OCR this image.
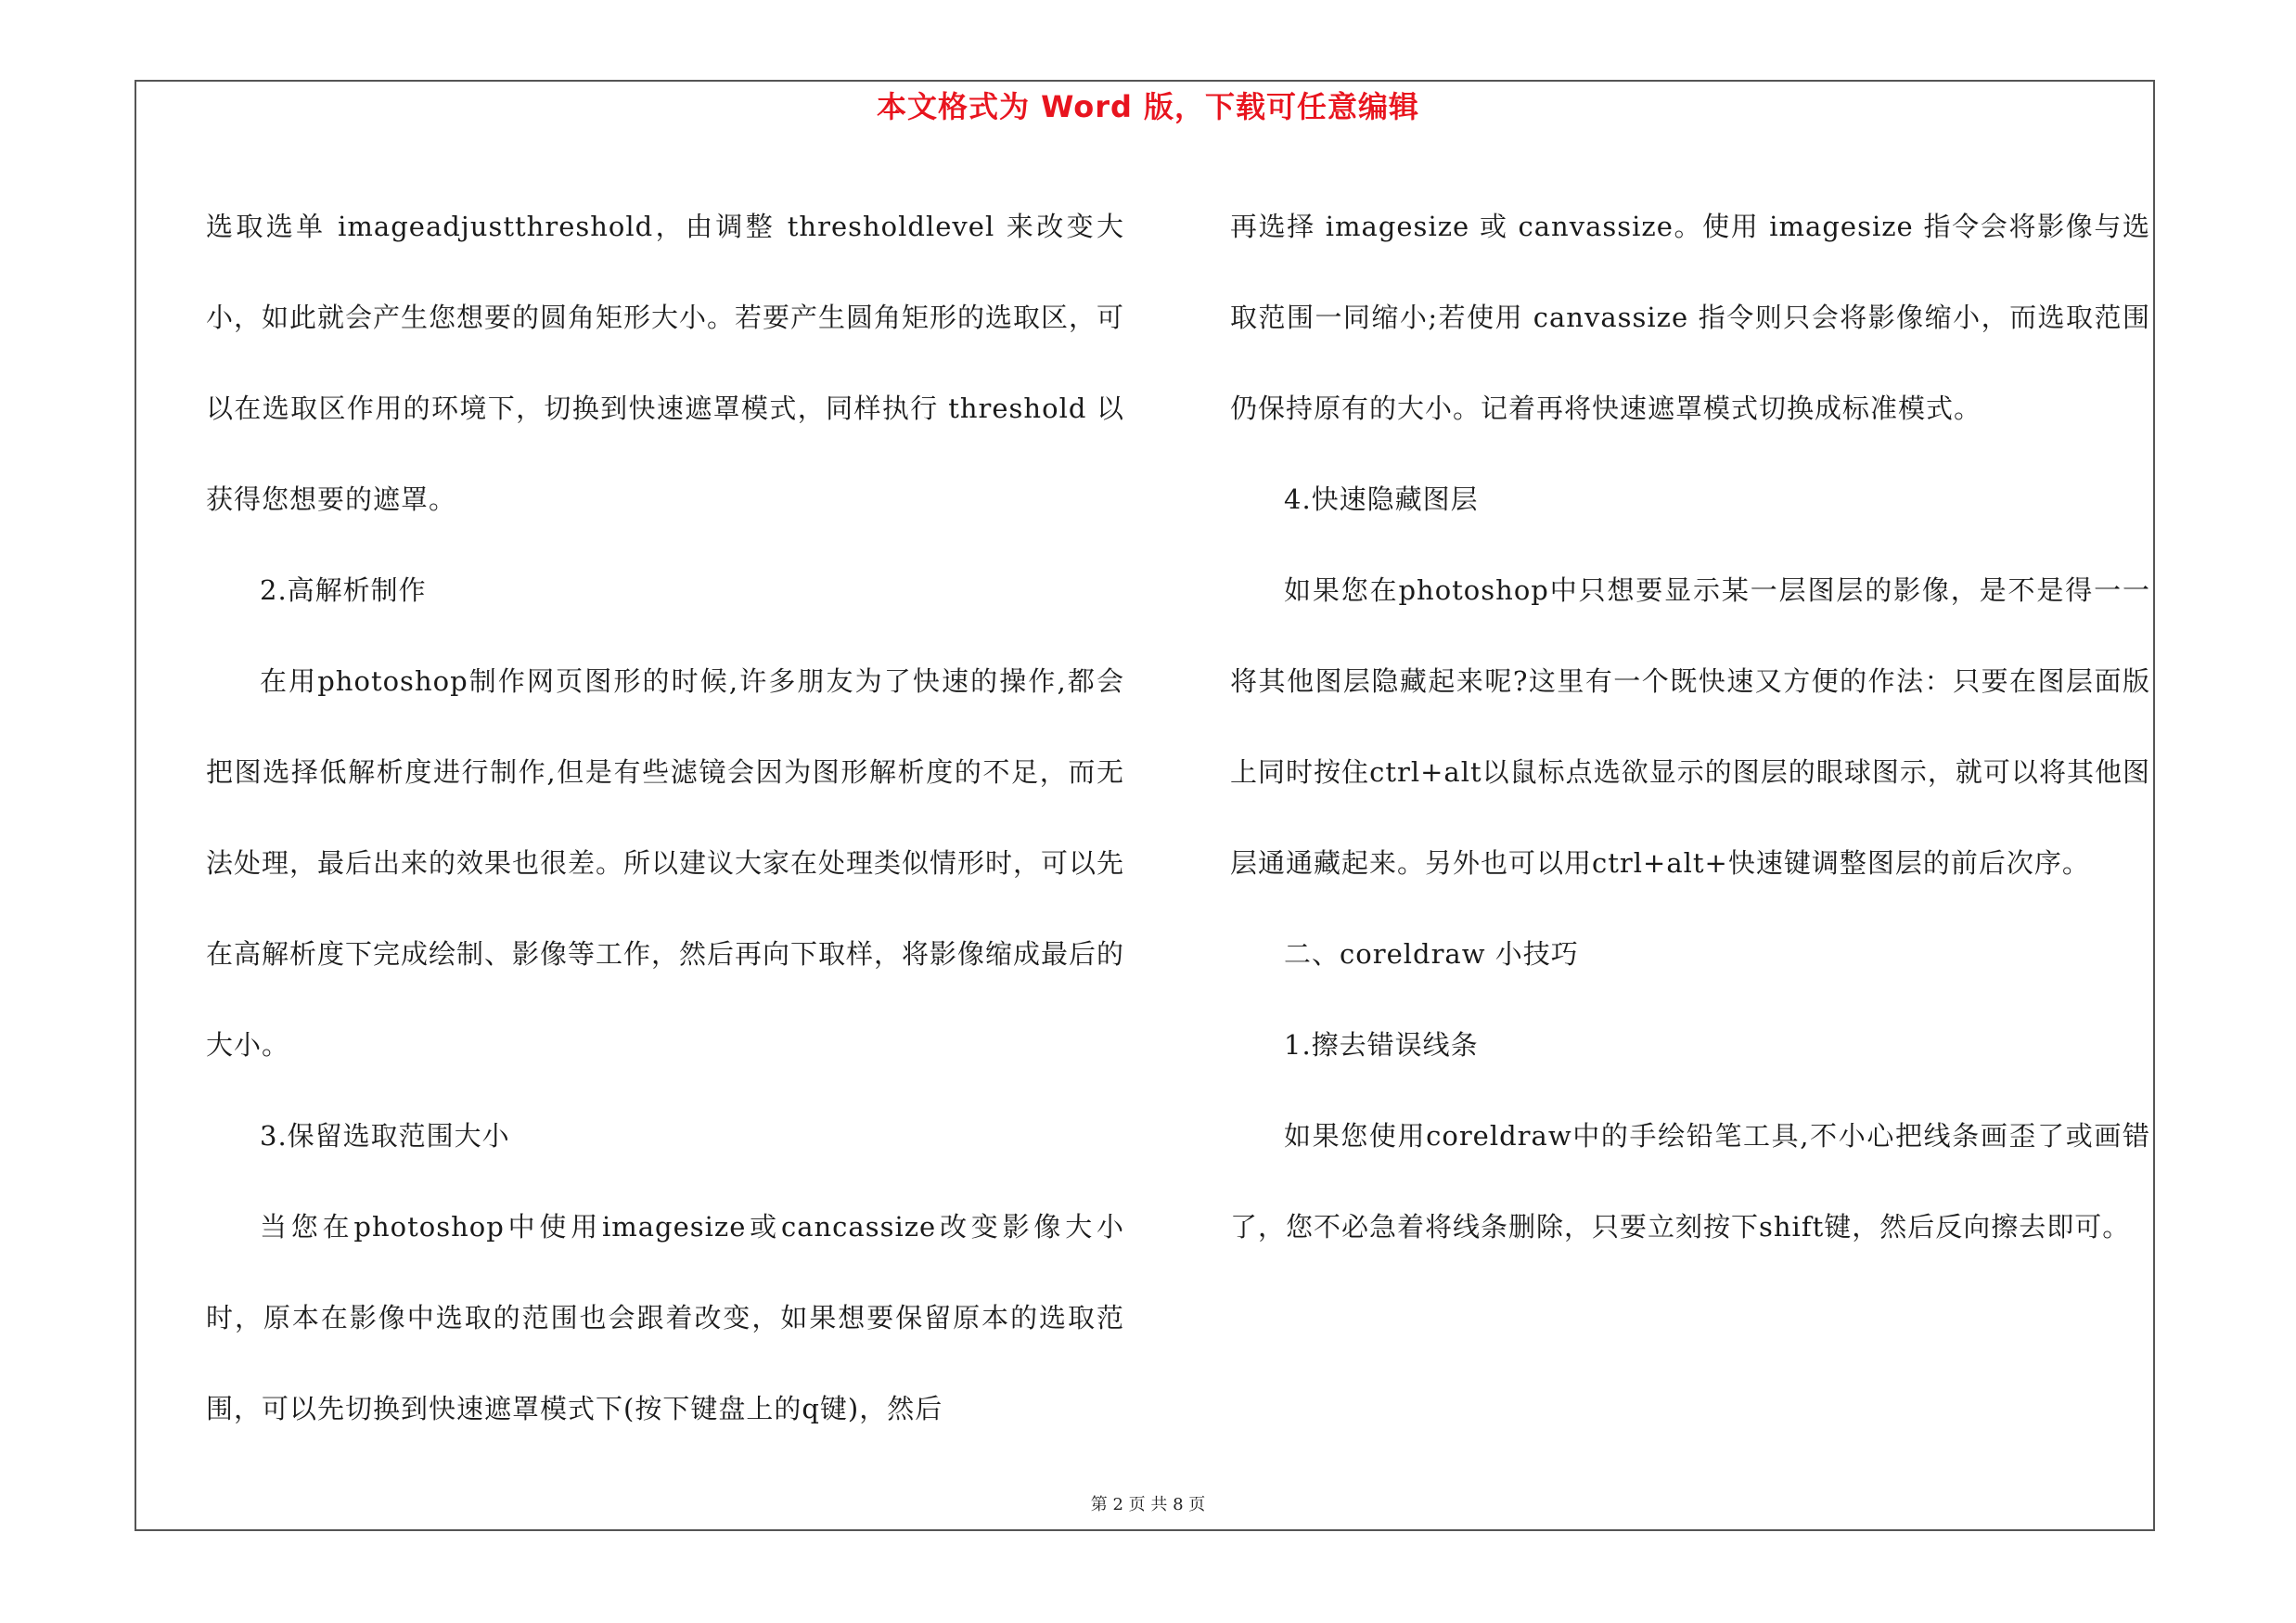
本文格式为 Word 版，下载可任意编辑

选取选单 imageadjustthreshold，由调整 thresholdlevel 来改变大小，如此就会产生您想要的圆角矩形大小。若要产生圆角矩形的选取区，可以在选取区作用的环境下，切换到快速遮罩模式，同样执行 threshold 以获得您想要的遮罩。

2.高解析制作

在用photoshop制作网页图形的时候,许多朋友为了快速的操作,都会把图选择低解析度进行制作,但是有些滤镜会因为图形解析度的不足，而无法处理，最后出来的效果也很差。所以建议大家在处理类似情形时，可以先在高解析度下完成绘制、影像等工作，然后再向下取样，将影像缩成最后的大小。

3.保留选取范围大小

当您在photoshop中使用imagesize或cancassize改变影像大小时，原本在影像中选取的范围也会跟着改变，如果想要保留原本的选取范围，可以先切换到快速遮罩模式下(按下键盘上的q键)，然后

再选择 imagesize 或 canvassize。使用 imagesize 指令会将影像与选取范围一同缩小;若使用 canvassize 指令则只会将影像缩小，而选取范围仍保持原有的大小。记着再将快速遮罩模式切换成标准模式。

4.快速隐藏图层

如果您在photoshop中只想要显示某一层图层的影像，是不是得一一将其他图层隐藏起来呢?这里有一个既快速又方便的作法：只要在图层面版上同时按住ctrl+alt以鼠标点选欲显示的图层的眼球图示，就可以将其他图层通通藏起来。另外也可以用ctrl+alt+快速键调整图层的前后次序。

二、coreldraw 小技巧

1.擦去错误线条

如果您使用coreldraw中的手绘铅笔工具,不小心把线条画歪了或画错了，您不必急着将线条删除，只要立刻按下shift键，然后反向擦去即可。

第 2 页 共 8 页
